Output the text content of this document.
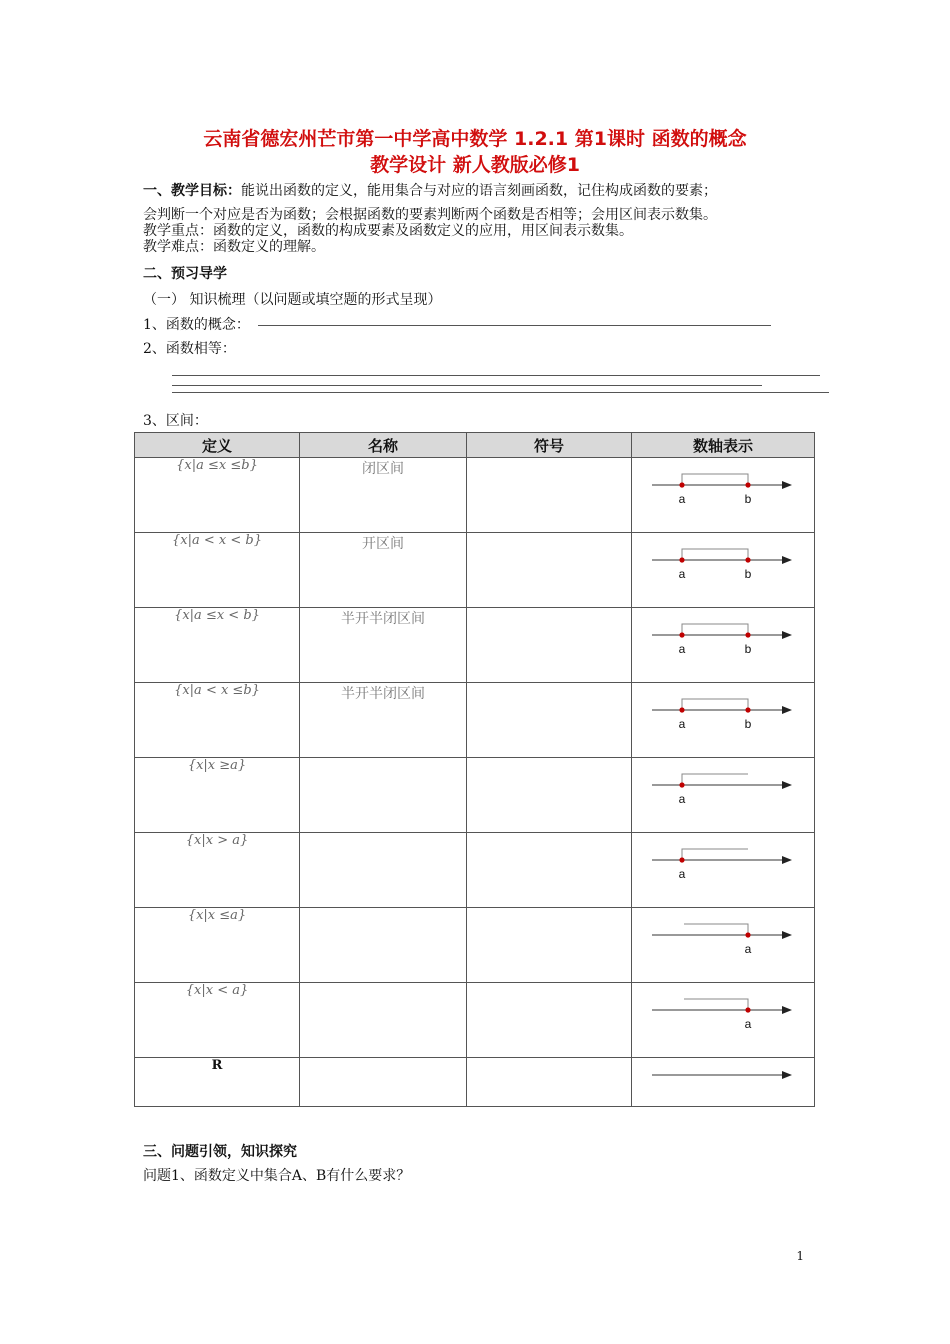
云南省德宏州芒市第一中学高中数学 1.2.1 第1课时 函数的概念
教学设计 新人教版必修1
一、教学目标：能说出函数的定义，能用集合与对应的语言刻画函数，记住构成函数的要素；
会判断一个对应是否为函数；会根据函数的要素判断两个函数是否相等；会用区间表示数集。
教学重点：函数的定义，函数的构成要素及函数定义的应用，用区间表示数集。
教学难点：函数定义的理解。
二、预习导学
（一） 知识梳理（以问题或填空题的形式呈现）
1、函数的概念：
2、函数相等：
3、区间：
定义	名称	符号	数轴表示
{x|a ≤x ≤b}	闭区间		a b

{x|a < x < b}	开区间		a b

{x|a ≤x < b}	半开半闭区间		a b

{x|a < x ≤b}	半开半闭区间		a b

{x|x ≥a}			a

{x|x > a}			a

{x|x ≤a}			a

{x|x < a}			a

R			
三、问题引领，知识探究
问题1、函数定义中集合A、B有什么要求？
1
